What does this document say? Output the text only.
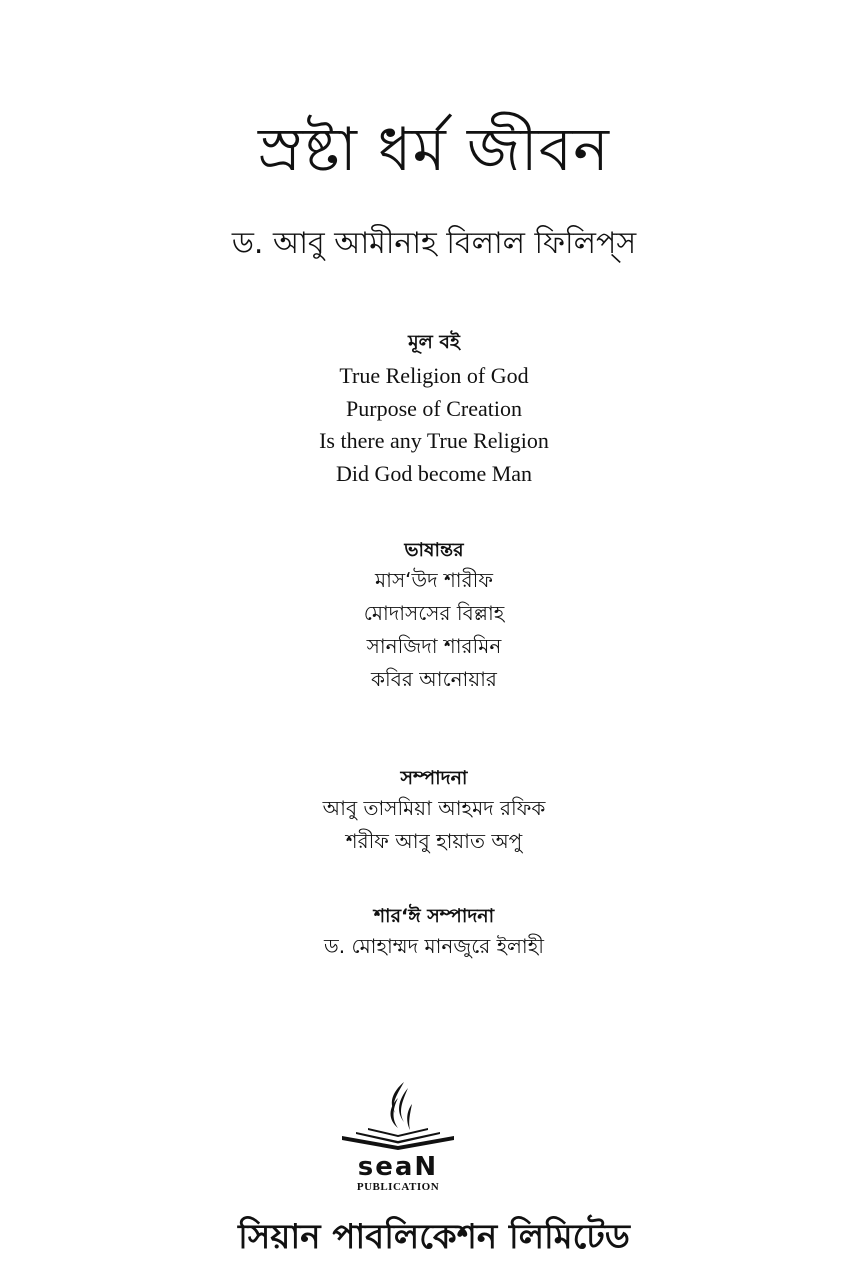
স্রষ্টা ধর্ম জীবন
ড. আবু আমীনাহ বিলাল ফিলিপ্‌স
মূল বই
True Religion of God
Purpose of Creation
Is there any True Religion
Did God become Man
ভাষান্তর
মাস‘উদ শারীফ
মোদাসসের বিল্লাহ
সানজিদা শারমিন
কবির আনোয়ার
সম্পাদনা
আবু তাসমিয়া আহমদ রফিক
শরীফ আবু হায়াত অপু
শার‘ঈ সম্পাদনা
ড. মোহাম্মদ মানজুরে ইলাহী
seaN
PUBLICATION
সিয়ান পাবলিকেশন লিমিটেড
